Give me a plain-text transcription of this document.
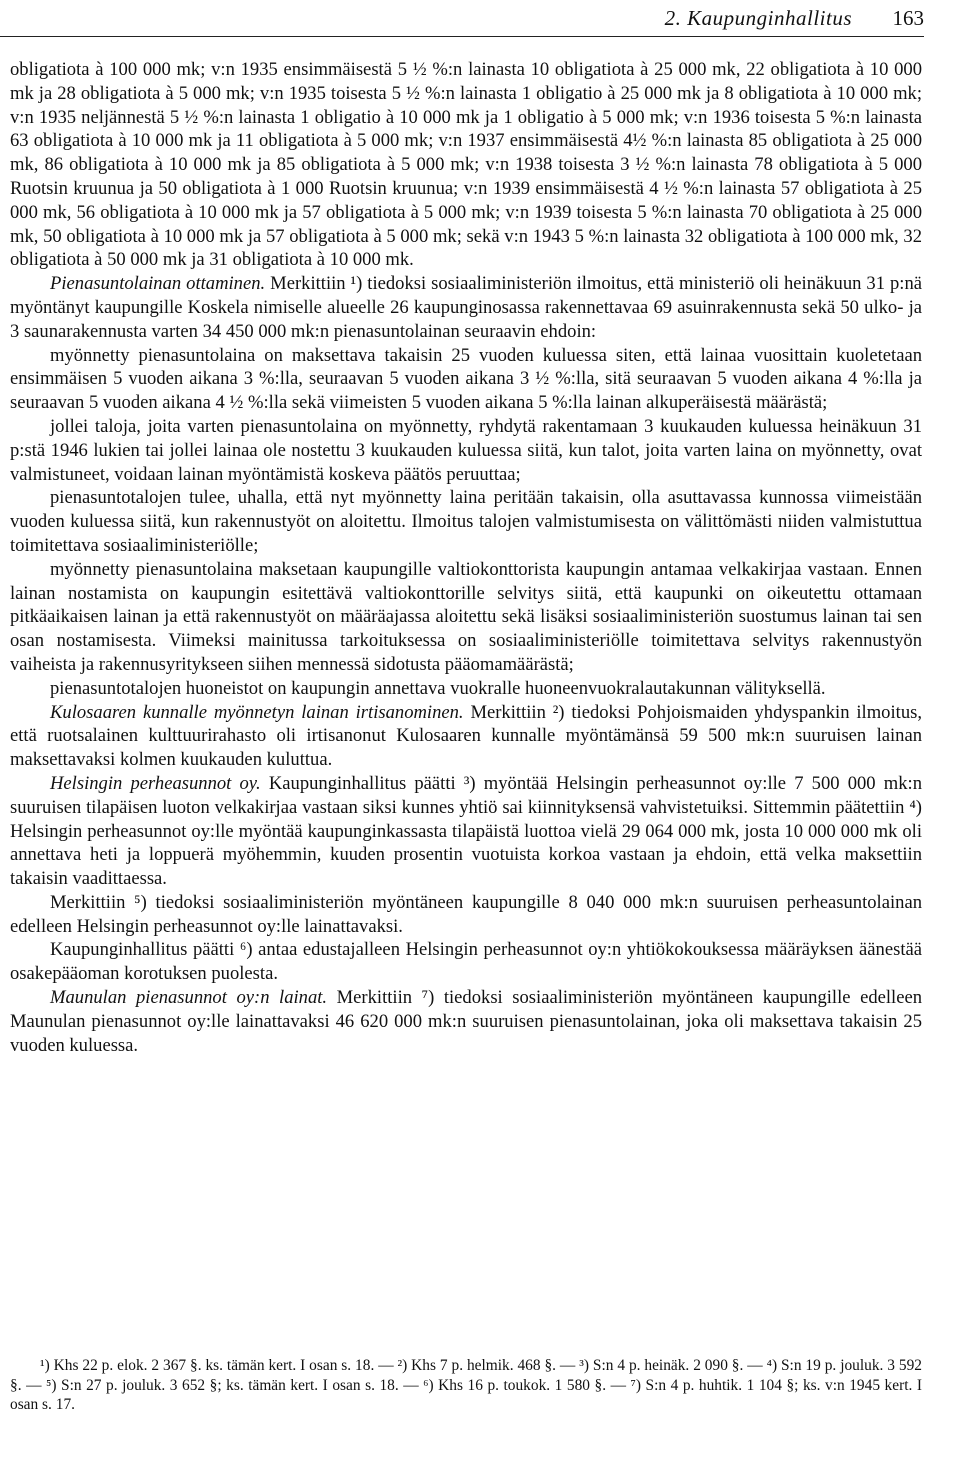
2. Kaupunginhallitus 163

obligatiota à 100 000 mk; v:n 1935 ensimmäisestä 5 ½ %:n lainasta 10 obligatiota à 25 000 mk, 22 obligatiota à 10 000 mk ja 28 obligatiota à 5 000 mk; v:n 1935 toisesta 5 ½ %:n lainasta 1 obligatio à 25 000 mk ja 8 obligatiota à 10 000 mk; v:n 1935 neljännestä 5 ½ %:n lainasta 1 obligatio à 10 000 mk ja 1 obligatio à 5 000 mk; v:n 1936 toisesta 5 %:n lainasta 63 obligatiota à 10 000 mk ja 11 obligatiota à 5 000 mk; v:n 1937 ensimmäisestä 4½ %:n lainasta 85 obligatiota à 25 000 mk, 86 obligatiota à 10 000 mk ja 85 obligatiota à 5 000 mk; v:n 1938 toisesta 3 ½ %:n lainasta 78 obligatiota à 5 000 Ruotsin kruunua ja 50 obligatiota à 1 000 Ruotsin kruunua; v:n 1939 ensimmäisestä 4 ½ %:n lainasta 57 obligatiota à 25 000 mk, 56 obligatiota à 10 000 mk ja 57 obligatiota à 5 000 mk; v:n 1939 toisesta 5 %:n lainasta 70 obligatiota à 25 000 mk, 50 obligatiota à 10 000 mk ja 57 obligatiota à 5 000 mk; sekä v:n 1943 5 %:n lainasta 32 obligatiota à 100 000 mk, 32 obligatiota à 50 000 mk ja 31 obligatiota à 10 000 mk.

Pienasuntolainan ottaminen. Merkittiin ¹) tiedoksi sosiaaliministeriön ilmoitus, että ministeriö oli heinäkuun 31 p:nä myöntänyt kaupungille Koskela nimiselle alueelle 26 kaupunginosassa rakennettavaa 69 asuinrakennusta sekä 50 ulko- ja 3 saunarakennusta varten 34 450 000 mk:n pienasuntolainan seuraavin ehdoin:

myönnetty pienasuntolaina on maksettava takaisin 25 vuoden kuluessa siten, että lainaa vuosittain kuoletetaan ensimmäisen 5 vuoden aikana 3 %:lla, seuraavan 5 vuoden aikana 3 ½ %:lla, sitä seuraavan 5 vuoden aikana 4 %:lla ja seuraavan 5 vuoden aikana 4 ½ %:lla sekä viimeisten 5 vuoden aikana 5 %:lla lainan alkuperäisestä määrästä;

jollei taloja, joita varten pienasuntolaina on myönnetty, ryhdytä rakentamaan 3 kuukauden kuluessa heinäkuun 31 p:stä 1946 lukien tai jollei lainaa ole nostettu 3 kuukauden kuluessa siitä, kun talot, joita varten laina on myönnetty, ovat valmistuneet, voidaan lainan myöntämistä koskeva päätös peruuttaa;

pienasuntotalojen tulee, uhalla, että nyt myönnetty laina peritään takaisin, olla asuttavassa kunnossa viimeistään vuoden kuluessa siitä, kun rakennustyöt on aloitettu. Ilmoitus talojen valmistumisesta on välittömästi niiden valmistuttua toimitettava sosiaaliministeriölle;

myönnetty pienasuntolaina maksetaan kaupungille valtiokonttorista kaupungin antamaa velkakirjaa vastaan. Ennen lainan nostamista on kaupungin esitettävä valtiokonttorille selvitys siitä, että kaupunki on oikeutettu ottamaan pitkäaikaisen lainan ja että rakennustyöt on määräajassa aloitettu sekä lisäksi sosiaaliministeriön suostumus lainan tai sen osan nostamisesta. Viimeksi mainitussa tarkoituksessa on sosiaaliministeriölle toimitettava selvitys rakennustyön vaiheista ja rakennusyritykseen siihen mennessä sidotusta pääomamäärästä;

pienasuntotalojen huoneistot on kaupungin annettava vuokralle huoneenvuokralautakunnan välityksellä.

Kulosaaren kunnalle myönnetyn lainan irtisanominen. Merkittiin ²) tiedoksi Pohjoismaiden yhdyspankin ilmoitus, että ruotsalainen kulttuurirahasto oli irtisanonut Kulosaaren kunnalle myöntämänsä 59 500 mk:n suuruisen lainan maksettavaksi kolmen kuukauden kuluttua.

Helsingin perheasunnot oy. Kaupunginhallitus päätti ³) myöntää Helsingin perheasunnot oy:lle 7 500 000 mk:n suuruisen tilapäisen luoton velkakirjaa vastaan siksi kunnes yhtiö sai kiinnityksensä vahvistetuiksi. Sittemmin päätettiin ⁴) Helsingin perheasunnot oy:lle myöntää kaupunginkassasta tilapäistä luottoa vielä 29 064 000 mk, josta 10 000 000 mk oli annettava heti ja loppuerä myöhemmin, kuuden prosentin vuotuista korkoa vastaan ja ehdoin, että velka maksettiin takaisin vaadittaessa.

Merkittiin ⁵) tiedoksi sosiaaliministeriön myöntäneen kaupungille 8 040 000 mk:n suuruisen perheasuntolainan edelleen Helsingin perheasunnot oy:lle lainattavaksi.

Kaupunginhallitus päätti ⁶) antaa edustajalleen Helsingin perheasunnot oy:n yhtiökokouksessa määräyksen äänestää osakepääoman korotuksen puolesta.

Maunulan pienasunnot oy:n lainat. Merkittiin ⁷) tiedoksi sosiaaliministeriön myöntäneen kaupungille edelleen Maunulan pienasunnot oy:lle lainattavaksi 46 620 000 mk:n suuruisen pienasuntolainan, joka oli maksettava takaisin 25 vuoden kuluessa.

¹) Khs 22 p. elok. 2 367 §. ks. tämän kert. I osan s. 18. — ²) Khs 7 p. helmik. 468 §. — ³) S:n 4 p. heinäk. 2 090 §. — ⁴) S:n 19 p. jouluk. 3 592 §. — ⁵) S:n 27 p. jouluk. 3 652 §; ks. tämän kert. I osan s. 18. — ⁶) Khs 16 p. toukok. 1 580 §. — ⁷) S:n 4 p. huhtik. 1 104 §; ks. v:n 1945 kert. I osan s. 17.
